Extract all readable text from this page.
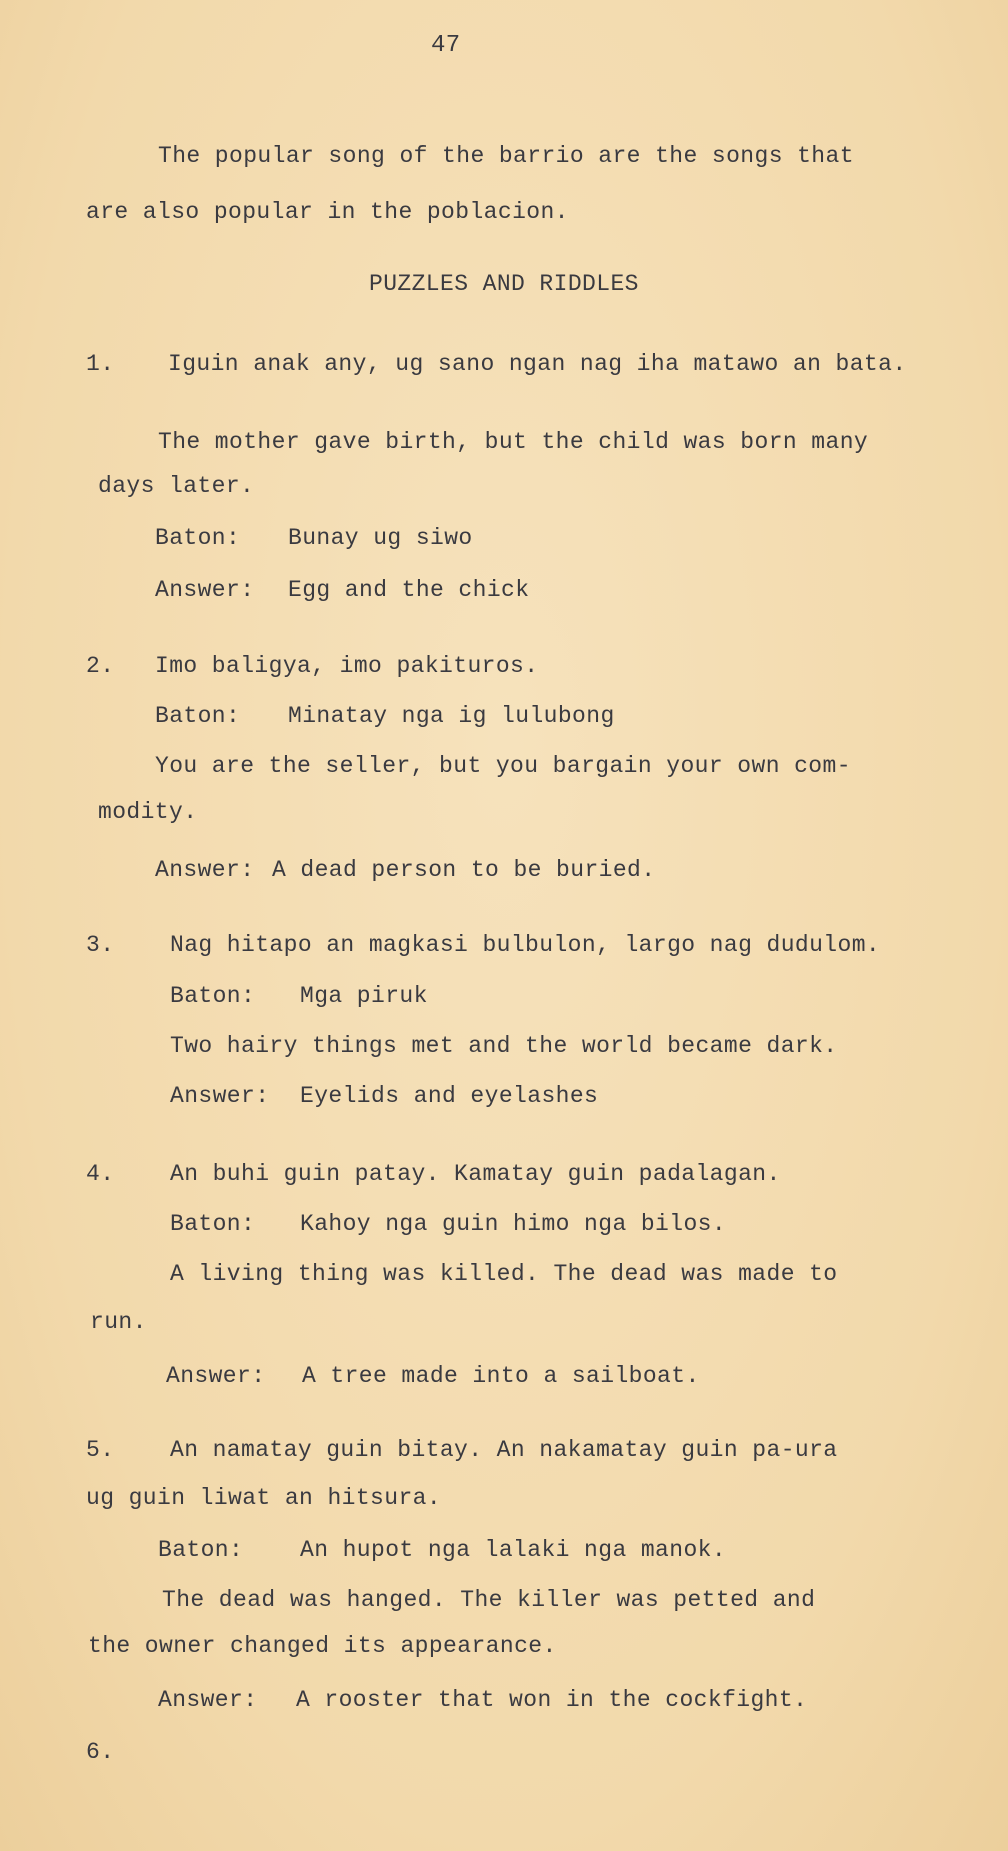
47
The popular song of the barrio are the songs that
are also popular in the poblacion.
PUZZLES AND RIDDLES
1. Iguin anak any, ug sano ngan nag iha matawo an bata.
The mother gave birth, but the child was born many
days later.
Baton: Bunay ug siwo
Answer: Egg and the chick
2. Imo baligya, imo pakituros.
Baton: Minatay nga ig lulubong
You are the seller, but you bargain your own com-
modity.
Answer: A dead person to be buried.
3. Nag hitapo an magkasi bulbulon, largo nag dudulom.
Baton: Mga piruk
Two hairy things met and the world became dark.
Answer: Eyelids and eyelashes
4. An buhi guin patay. Kamatay guin padalagan.
Baton: Kahoy nga guin himo nga bilos.
A living thing was killed. The dead was made to
run.
Answer: A tree made into a sailboat.
5. An namatay guin bitay. An nakamatay guin pa-ura
ug guin liwat an hitsura.
Baton: An hupot nga lalaki nga manok.
The dead was hanged. The killer was petted and
the owner changed its appearance.
Answer: A rooster that won in the cockfight.
6.
